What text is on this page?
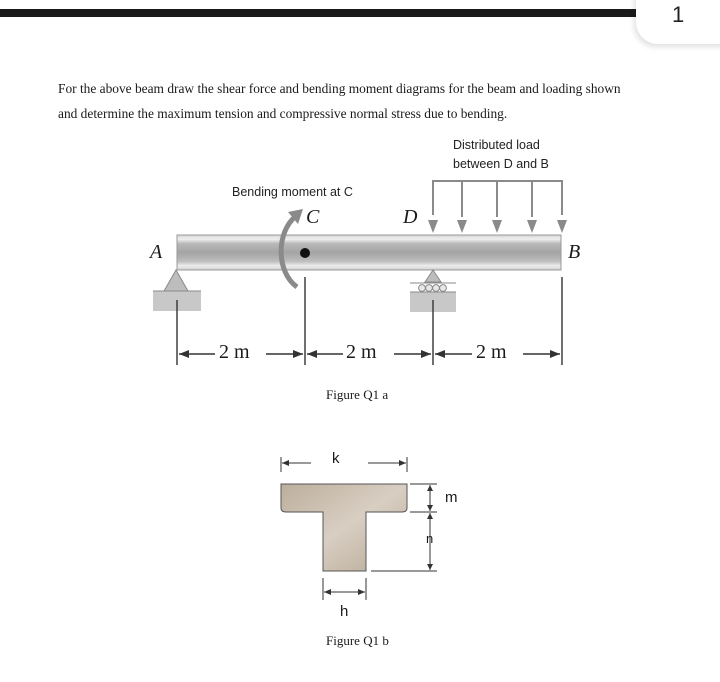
1

For the above beam draw the shear force and bending moment diagrams for the beam and loading shown

and determine the maximum tension and compressive normal stress due to bending.

Bending moment at C
Distributed load
between D and B
A	B
C	D
2 m	2 m	2 m
Figure Q1 a
k
m
n
h
Figure Q1 b
